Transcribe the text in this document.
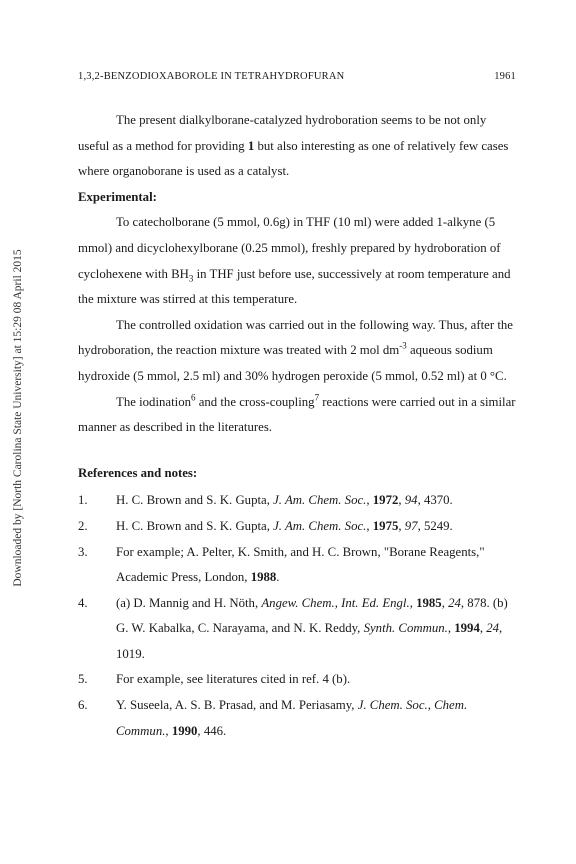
Downloaded by [North Carolina State University] at 15:29 08 April 2015
1,3,2-BENZODIOXABOROLE IN TETRAHYDROFURAN	1961

The present dialkylborane-catalyzed hydroboration seems to be not only useful as a method for providing 1 but also interesting as one of relatively few cases where organoborane is used as a catalyst.

Experimental:

To catecholborane (5 mmol, 0.6g) in THF (10 ml) were added 1-alkyne (5 mmol) and dicyclohexylborane (0.25 mmol), freshly prepared by hydroboration of cyclohexene with $BH_3$ in THF just before use, successively at room temperature and the mixture was stirred at this temperature.

The controlled oxidation was carried out in the following way. Thus, after the hydroboration, the reaction mixture was treated with 2 mol $dm^{-3}$ aqueous sodium hydroxide (5 mmol, 2.5 ml) and 30% hydrogen peroxide (5 mmol, 0.52 ml) at 0 °C.

The iodination$^6$ and the cross-coupling$^7$ reactions were carried out in a similar manner as described in the literatures.

References and notes:

1.	H. C. Brown and S. K. Gupta, J. Am. Chem. Soc., 1972, 94, 4370.
2.	H. C. Brown and S. K. Gupta, J. Am. Chem. Soc., 1975, 97, 5249.
3.	For example; A. Pelter, K. Smith, and H. C. Brown, "Borane Reagents," Academic Press, London, 1988.
4.	(a) D. Mannig and H. Nöth, Angew. Chem., Int. Ed. Engl., 1985, 24, 878. (b) G. W. Kabalka, C. Narayama, and N. K. Reddy, Synth. Commun., 1994, 24, 1019.
5.	For example, see literatures cited in ref. 4 (b).
6.	Y. Suseela, A. S. B. Prasad, and M. Periasamy, J. Chem. Soc., Chem. Commun., 1990, 446.
